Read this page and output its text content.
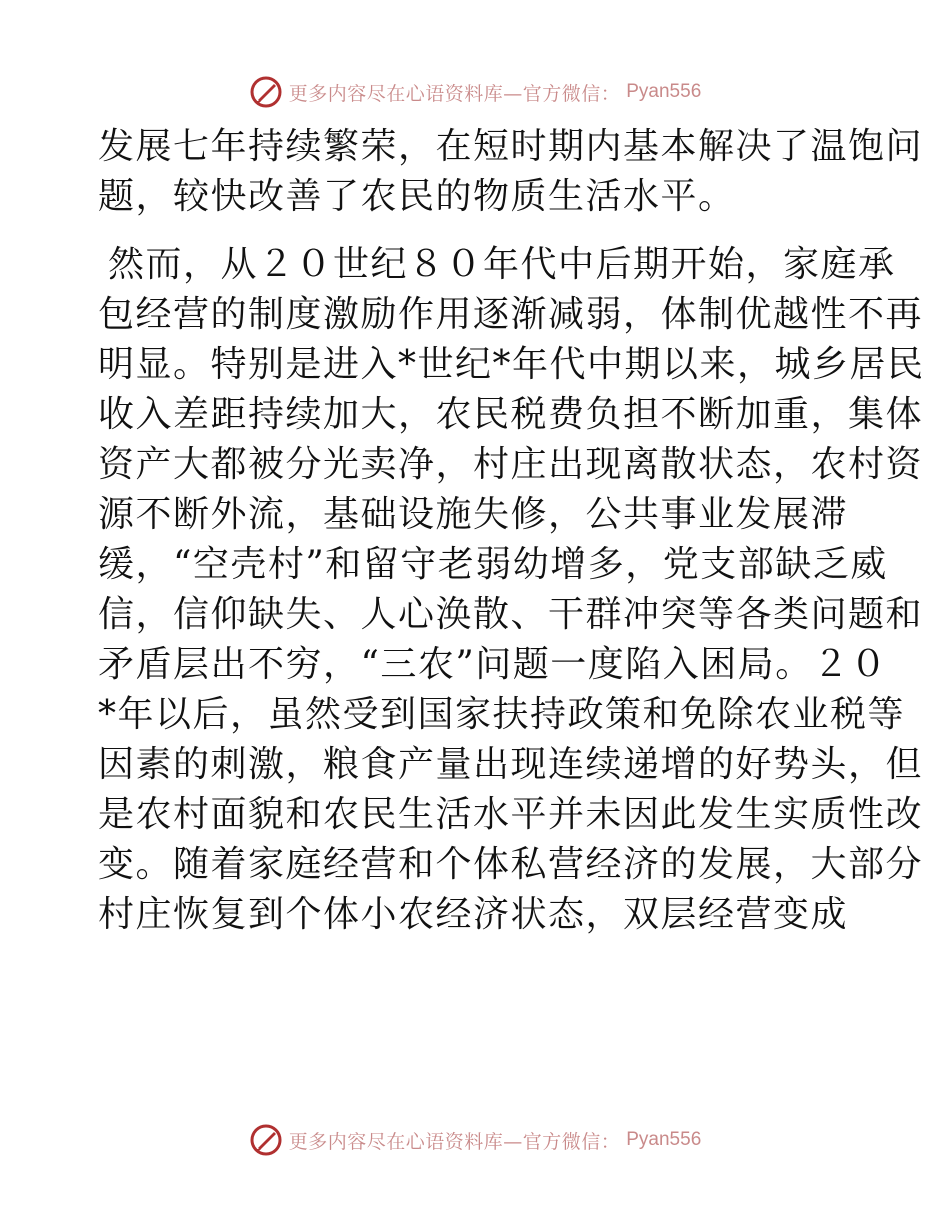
更多内容尽在心语资料库—官方微信： Pyan556
发展七年持续繁荣，在短时期内基本解决了温饱问
题，较快改善了农民的物质生活水平。
然而，从２０世纪８０年代中后期开始，家庭承
包经营的制度激励作用逐渐减弱，体制优越性不再
明显。特别是进入*世纪*年代中期以来，城乡居民
收入差距持续加大，农民税费负担不断加重，集体
资产大都被分光卖净，村庄出现离散状态，农村资
源不断外流，基础设施失修，公共事业发展滞
缓，“空壳村”和留守老弱幼增多，党支部缺乏威
信，信仰缺失、人心涣散、干群冲突等各类问题和
矛盾层出不穷，“三农”问题一度陷入困局。２０
*年以后，虽然受到国家扶持政策和免除农业税等
因素的刺激，粮食产量出现连续递增的好势头，但
是农村面貌和农民生活水平并未因此发生实质性改
变。随着家庭经营和个体私营经济的发展，大部分
村庄恢复到个体小农经济状态，双层经营变成
更多内容尽在心语资料库—官方微信： Pyan556
